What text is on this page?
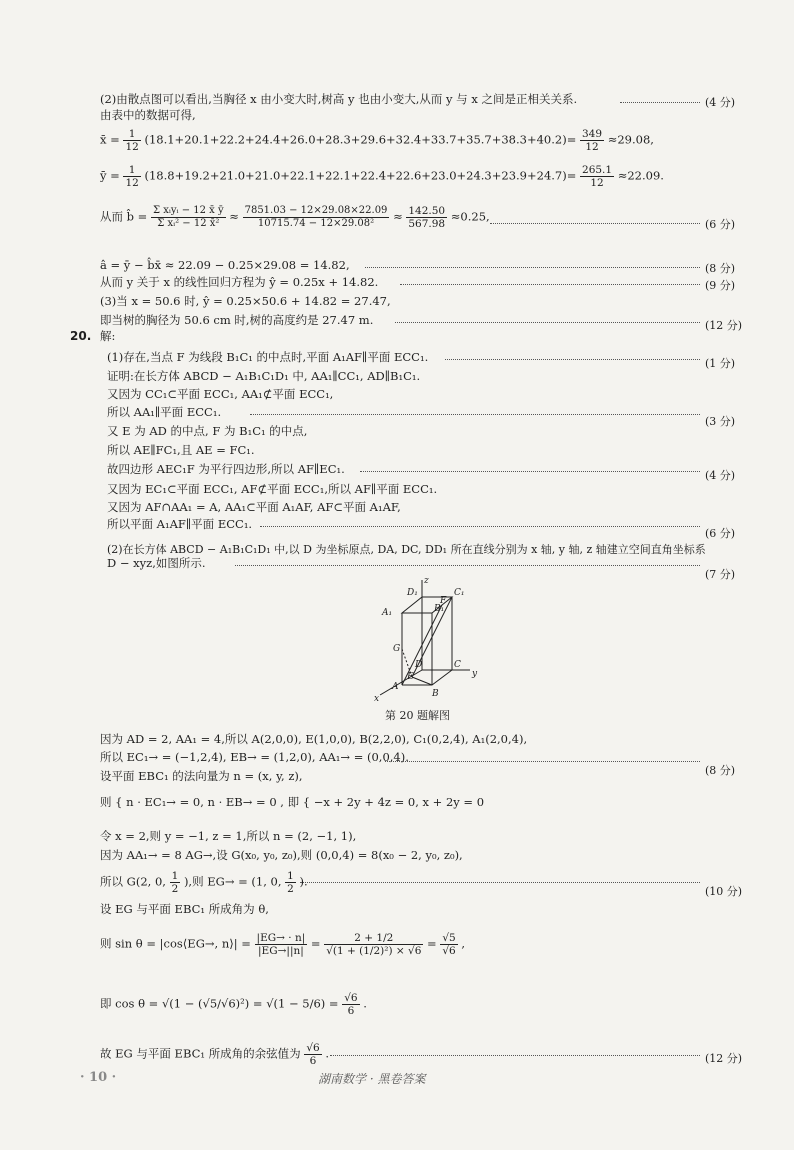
(2)由散点图可以看出,当胸径 x 由小变大时,树高 y 也由小变大,从而 y 与 x 之间是正相关关系.	(4 分)
由表中的数据可得,
x̄ = $\frac{1}{12} (18.1+20.1+22.2+24.4+26.0+28.3+29.6+32.4+33.7+35.7+38.3+40.2)= \frac{349}{12} \approx 29.08$,
ȳ = $\frac{1}{12} (18.8+19.2+21.0+21.0+22.1+22.1+22.4+22.6+23.0+24.3+23.9+24.7)= \frac{265.1}{12} \approx 22.09$.
从而 b̂ = $\frac{\text{Σ xᵢyᵢ − 12 x̄ ȳ}}{\text{Σ xᵢ² − 12 x̄²}} \approx \frac{7851.03 - 12\times 29.08\times 22.09}{\text{10715.74 − 12×29.08²}} \approx \frac{142.50}{567.98} \approx 0.25$,
(6 分)
â = ȳ − b̂x̄ ≈ 22.09 − 0.25×29.08 = 14.82,	(8 分)
从而 y 关于 x 的线性回归方程为 ŷ = 0.25x + 14.82.	(9 分)
(3)当 x = 50.6 时, ŷ = 0.25×50.6 + 14.82 = 27.47,
即当树的胸径为 50.6 cm 时,树的高度约是 27.47 m.	(12 分)
20. 解:
(1)存在,当点 F 为线段 B₁C₁ 的中点时,平面 A₁AF∥平面 ECC₁.	(1 分)
证明:在长方体 ABCD − A₁B₁C₁D₁ 中, AA₁∥CC₁, AD∥B₁C₁.
又因为 CC₁⊂平面 ECC₁, AA₁⊄平面 ECC₁,
所以 AA₁∥平面 ECC₁.
(3 分)
又 E 为 AD 的中点, F 为 B₁C₁ 的中点,
所以 AE∥FC₁,且 AE = FC₁.
故四边形 AEC₁F 为平行四边形,所以 AF∥EC₁.	(4 分)
又因为 EC₁⊂平面 ECC₁, AF⊄平面 ECC₁,所以 AF∥平面 ECC₁.
又因为 AF∩AA₁ = A, AA₁⊂平面 A₁AF, AF⊂平面 A₁AF,
所以平面 A₁AF∥平面 ECC₁.
(6 分)
(2)在长方体 ABCD − A₁B₁C₁D₁ 中,以 D 为坐标原点, DA, DC, DD₁ 所在直线分别为 x 轴, y 轴, z 轴建立空间直角坐标系
D − xyz,如图所示.
(7 分)
z
y
x
D₁	C₁
A₁	B₁
F
D	C
A
B
E
G
第 20 题解图
因为 AD = 2, AA₁ = 4,所以 A(2,0,0), E(1,0,0), B(2,2,0), C₁(0,2,4), A₁(2,0,4),
所以 EC₁→ = (−1,2,4), EB→ = (1,2,0), AA₁→ = (0,0,4).
(8 分)
设平面 EBC₁ 的法向量为 n = (x, y, z),
则 { n · EC₁→ = 0, n · EB→ = 0 , 即 { −x + 2y + 4z = 0, x + 2y = 0
令 x = 2,则 y = −1, z = 1,所以 n = (2, −1, 1),
因为 AA₁→ = 8 AG→,设 G(x₀, y₀, z₀),则 (0,0,4) = 8(x₀ − 2, y₀, z₀),
所以 G(2, 0, $\frac{1}{2}$ ),则 EG→ = (1, 0, $\frac{1}{2}$ ).
(10 分)
设 EG 与平面 EBC₁ 所成角为 θ,
则 sin θ = |cos⟨EG→, n⟩| = $\frac{|EG\to \cdot n|}{|EG\to||n|} = \frac{2 + 1/2}{\text{√(1 + (1/2)²) × √6}} = \frac{√5}{√6}$ ,
即 $\cos \theta = √(1 - (√5/√6)^2) = √(1 - 5/6) = \frac{√6}{6}$ .
故 EG 与平面 EBC₁ 所成角的余弦值为 $\frac{√6}{6}$ .	(12 分)
· 10 ·	湖南数学 · 黑卷答案
